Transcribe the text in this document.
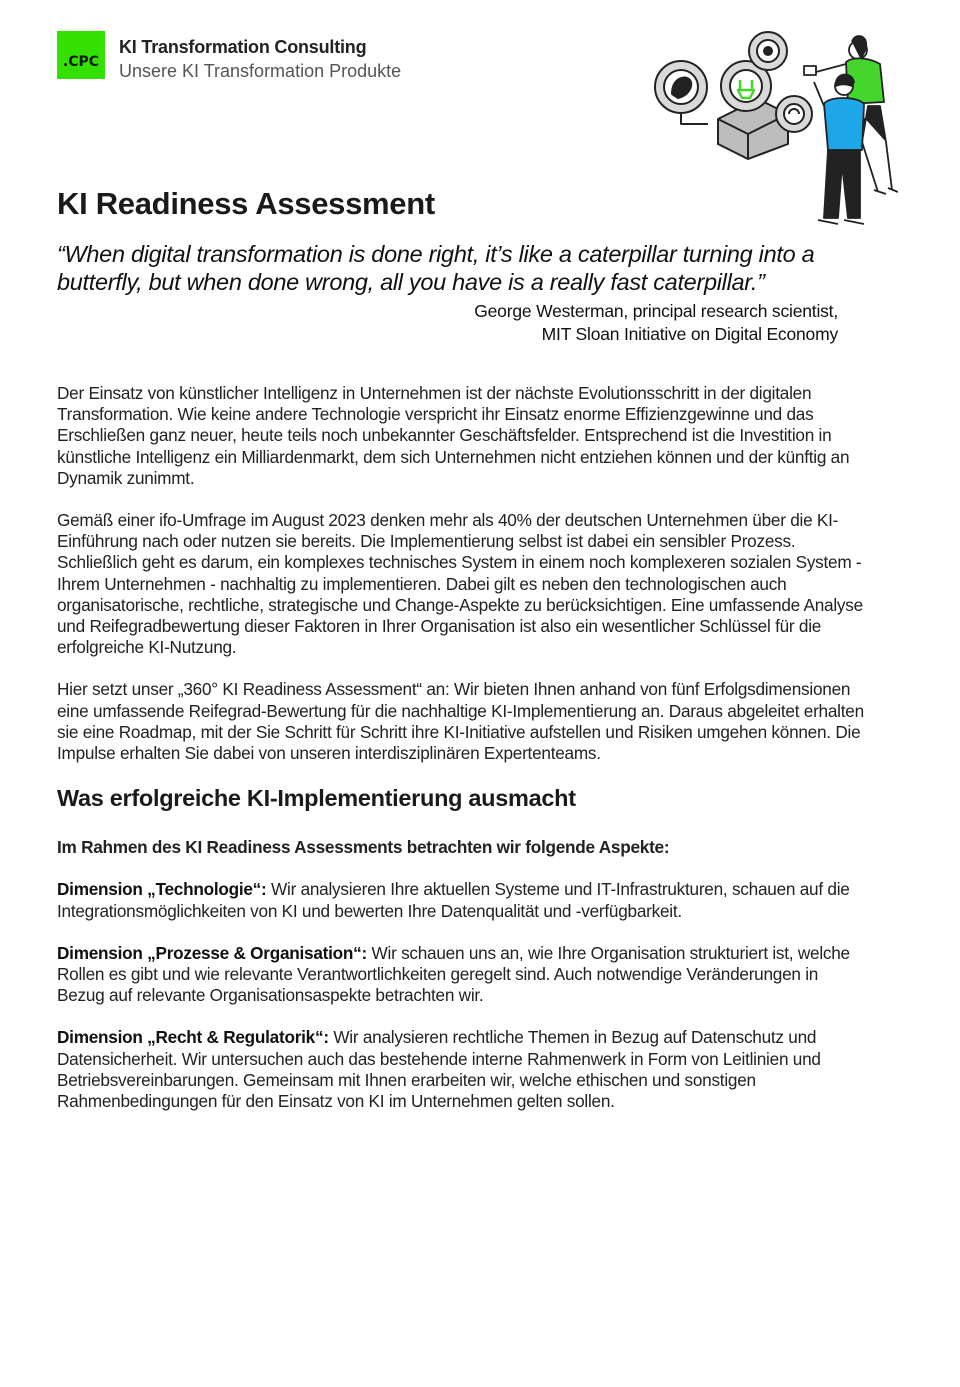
.CPC
KI Transformation Consulting
Unsere KI Transformation Produkte
KI Readiness Assessment

“When digital transformation is done right, it’s like a caterpillar turning into a butterfly, but when done wrong, all you have is a really fast caterpillar.”

George Westerman, principal research scientist,
MIT Sloan Initiative on Digital Economy

Der Einsatz von künstlicher Intelligenz in Unternehmen ist der nächste Evolutionsschritt in der digitalen Transformation. Wie keine andere Technologie verspricht ihr Einsatz enorme Effizienzgewinne und das Erschließen ganz neuer, heute teils noch unbekannter Geschäftsfelder. Entsprechend ist die Investition in künstliche Intelligenz ein Milliardenmarkt, dem sich Unternehmen nicht entziehen können und der künftig an Dynamik zunimmt.

Gemäß einer ifo-Umfrage im August 2023 denken mehr als 40% der deutschen Unternehmen über die KI-Einführung nach oder nutzen sie bereits. Die Implementierung selbst ist dabei ein sensibler Prozess. Schließlich geht es darum, ein komplexes technisches System in einem noch komplexeren sozialen System - Ihrem Unternehmen - nachhaltig zu implementieren. Dabei gilt es neben den technologischen auch organisatorische, rechtliche, strategische und Change-Aspekte zu berücksichtigen. Eine umfassende Analyse und Reifegradbewertung dieser Faktoren in Ihrer Organisation ist also ein wesentlicher Schlüssel für die erfolgreiche KI-Nutzung.

Hier setzt unser „360° KI Readiness Assessment“ an: Wir bieten Ihnen anhand von fünf Erfolgsdimensionen eine umfassende Reifegrad-Bewertung für die nachhaltige KI-Implementierung an. Daraus abgeleitet erhalten sie eine Roadmap, mit der Sie Schritt für Schritt ihre KI-Initiative aufstellen und Risiken umgehen können. Die Impulse erhalten Sie dabei von unseren interdisziplinären Expertenteams.

Was erfolgreiche KI-Implementierung ausmacht

Im Rahmen des KI Readiness Assessments betrachten wir folgende Aspekte:

Dimension „Technologie“: Wir analysieren Ihre aktuellen Systeme und IT-Infrastrukturen, schauen auf die Integrationsmöglichkeiten von KI und bewerten Ihre Datenqualität und -verfügbarkeit.

Dimension „Prozesse & Organisation“: Wir schauen uns an, wie Ihre Organisation strukturiert ist, welche Rollen es gibt und wie relevante Verantwortlichkeiten geregelt sind. Auch notwendige Veränderungen in Bezug auf relevante Organisationsaspekte betrachten wir.

Dimension „Recht & Regulatorik“: Wir analysieren rechtliche Themen in Bezug auf Datenschutz und Datensicherheit. Wir untersuchen auch das bestehende interne Rahmenwerk in Form von Leitlinien und Betriebsvereinbarungen. Gemeinsam mit Ihnen erarbeiten wir, welche ethischen und sonstigen Rahmenbedingungen für den Einsatz von KI im Unternehmen gelten sollen.
